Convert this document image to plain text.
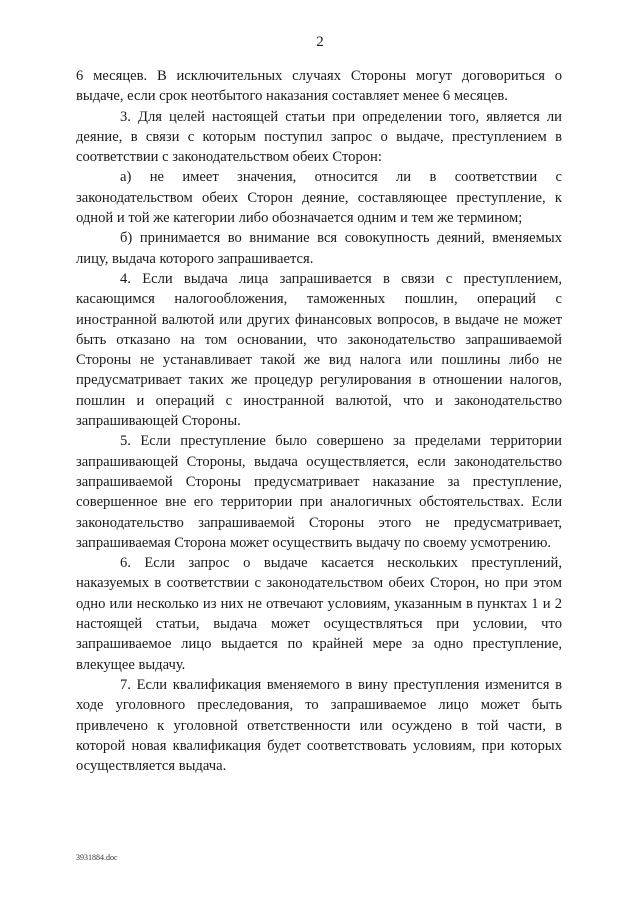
2

6 месяцев. В исключительных случаях Стороны могут договориться о выдаче, если срок неотбытого наказания составляет менее 6 месяцев.

3. Для целей настоящей статьи при определении того, является ли деяние, в связи с которым поступил запрос о выдаче, преступлением в соответствии с законодательством обеих Сторон:

а) не имеет значения, относится ли в соответствии с законодательством обеих Сторон деяние, составляющее преступление, к одной и той же категории либо обозначается одним и тем же термином;

б) принимается во внимание вся совокупность деяний, вменяемых лицу, выдача которого запрашивается.

4. Если выдача лица запрашивается в связи с преступлением, касающимся налогообложения, таможенных пошлин, операций с иностранной валютой или других финансовых вопросов, в выдаче не может быть отказано на том основании, что законодательство запрашиваемой Стороны не устанавливает такой же вид налога или пошлины либо не предусматривает таких же процедур регулирования в отношении налогов, пошлин и операций с иностранной валютой, что и законодательство запрашивающей Стороны.

5. Если преступление было совершено за пределами территории запрашивающей Стороны, выдача осуществляется, если законодательство запрашиваемой Стороны предусматривает наказание за преступление, совершенное вне его территории при аналогичных обстоятельствах. Если законодательство запрашиваемой Стороны этого не предусматривает, запрашиваемая Сторона может осуществить выдачу по своему усмотрению.

6. Если запрос о выдаче касается нескольких преступлений, наказуемых в соответствии с законодательством обеих Сторон, но при этом одно или несколько из них не отвечают условиям, указанным в пунктах 1 и 2 настоящей статьи, выдача может осуществляться при условии, что запрашиваемое лицо выдается по крайней мере за одно преступление, влекущее выдачу.

7. Если квалификация вменяемого в вину преступления изменится в ходе уголовного преследования, то запрашиваемое лицо может быть привлечено к уголовной ответственности или осуждено в той части, в которой новая квалификация будет соответствовать условиям, при которых осуществляется выдача.

3931884.doc
